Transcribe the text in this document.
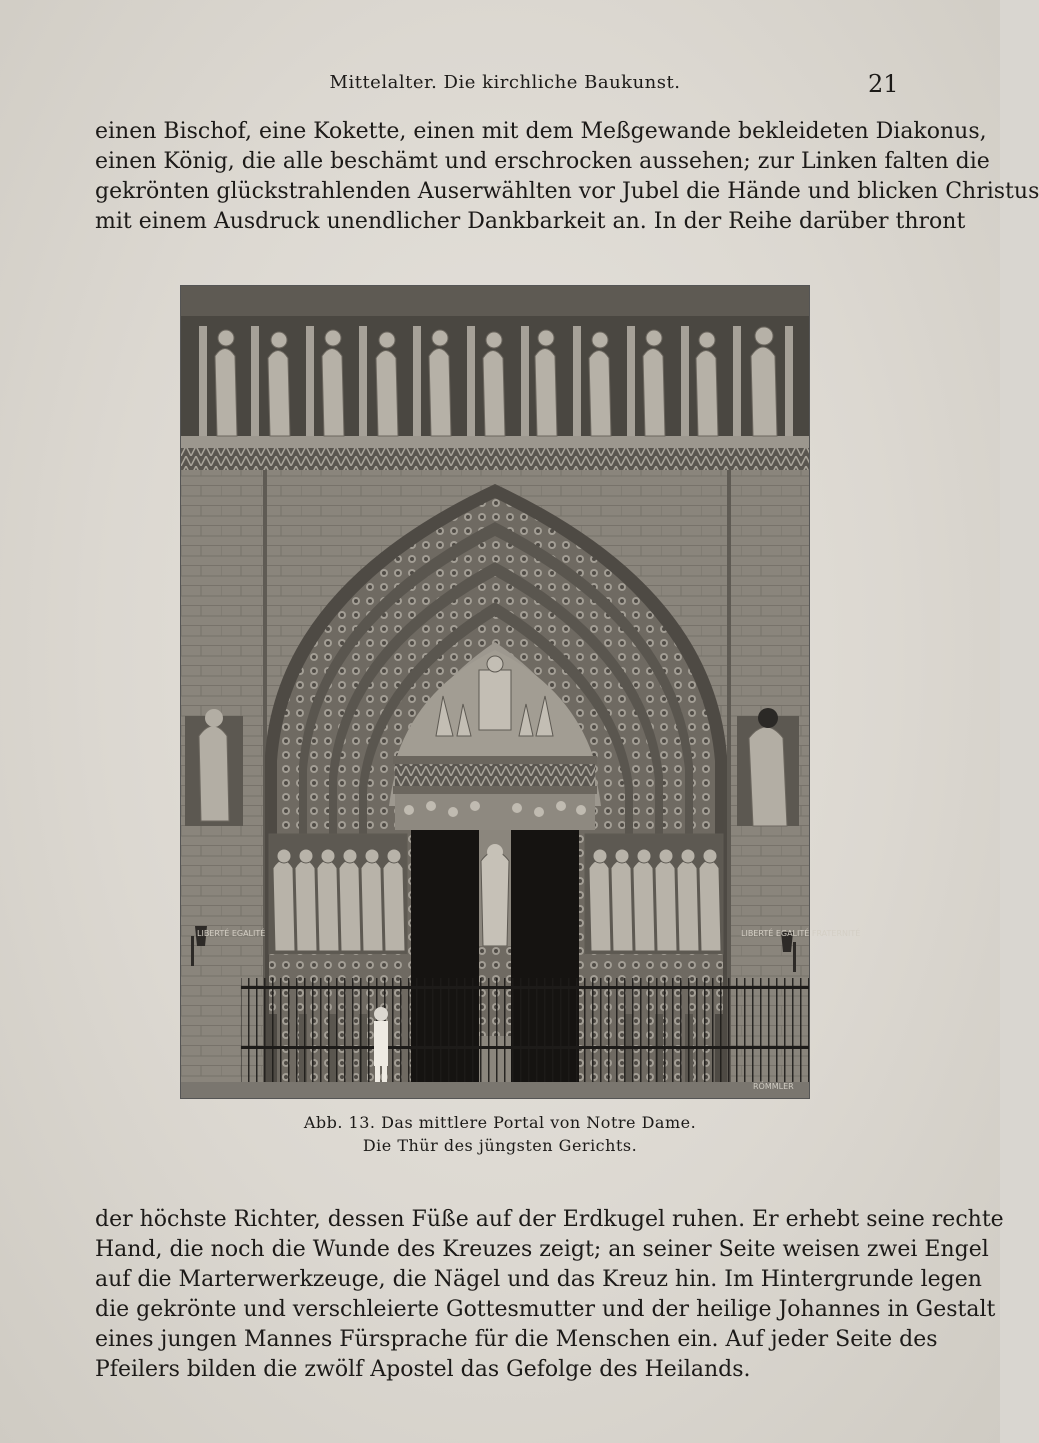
Mittelalter. Die kirchliche Baukunst.	21
einen Bischof, eine Kokette, einen mit dem Meßgewande bekleideten Diakonus,
einen König, die alle beschämt und erschrocken aussehen; zur Linken falten die
gekrönten glückstrahlenden Auserwählten vor Jubel die Hände und blicken Christus
mit einem Ausdruck unendlicher Dankbarkeit an. In der Reihe darüber thront
LIBERTÉ EGALITÉ	LIBERTÉ EGALITÉ FRATERNITÉ
RÖMMLER
Abb. 13. Das mittlere Portal von Notre Dame.
Die Thür des jüngsten Gerichts.
der höchste Richter, dessen Füße auf der Erdkugel ruhen. Er erhebt seine rechte
Hand, die noch die Wunde des Kreuzes zeigt; an seiner Seite weisen zwei Engel
auf die Marterwerkzeuge, die Nägel und das Kreuz hin. Im Hintergrunde legen
die gekrönte und verschleierte Gottesmutter und der heilige Johannes in Gestalt
eines jungen Mannes Fürsprache für die Menschen ein. Auf jeder Seite des
Pfeilers bilden die zwölf Apostel das Gefolge des Heilands.
